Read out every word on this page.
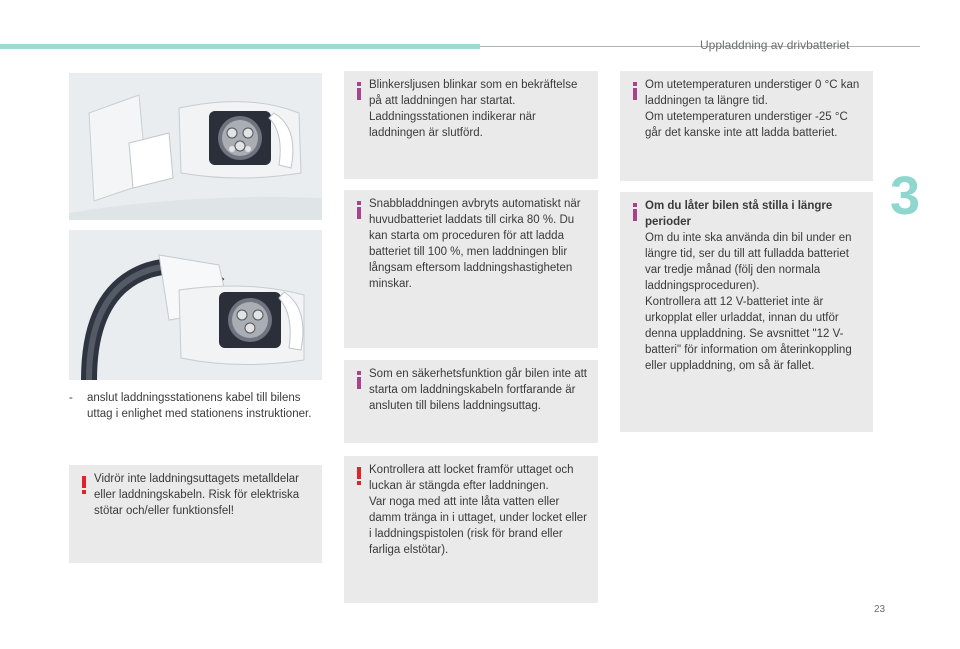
Uppladdning av drivbatteriet
3
23
-	anslut laddningsstationens kabel till bilens uttag i enlighet med stationens instruktioner.
Vidrör inte laddningsuttagets metalldelar eller laddningskabeln. Risk för elektriska stötar och/eller funktionsfel!
Blinkersljusen blinkar som en bekräftelse på att laddningen har startat.
Laddningsstationen indikerar när laddningen är slutförd.
Snabbladdningen avbryts automatiskt när huvudbatteriet laddats till cirka 80 %. Du kan starta om proceduren för att ladda batteriet till 100 %, men laddningen blir långsam eftersom laddningshastigheten minskar.
Som en säkerhetsfunktion går bilen inte att starta om laddningskabeln fortfarande är ansluten till bilens laddningsuttag.
Kontrollera att locket framför uttaget och luckan är stängda efter laddningen.
Var noga med att inte låta vatten eller damm tränga in i uttaget, under locket eller i laddningspistolen (risk för brand eller farliga elstötar).
Om utetemperaturen understiger 0 °C kan laddningen ta längre tid.
Om utetemperaturen understiger -25 °C går det kanske inte att ladda batteriet.
Om du låter bilen stå stilla i längre perioder
Om du inte ska använda din bil under en längre tid, ser du till att fulladda batteriet var tredje månad (följ den normala laddningsproceduren).
Kontrollera att 12 V-batteriet inte är urkopplat eller urladdat, innan du utför denna uppladdning. Se avsnittet "12 V-batteri" för information om återinkoppling eller uppladdning, om så är fallet.
